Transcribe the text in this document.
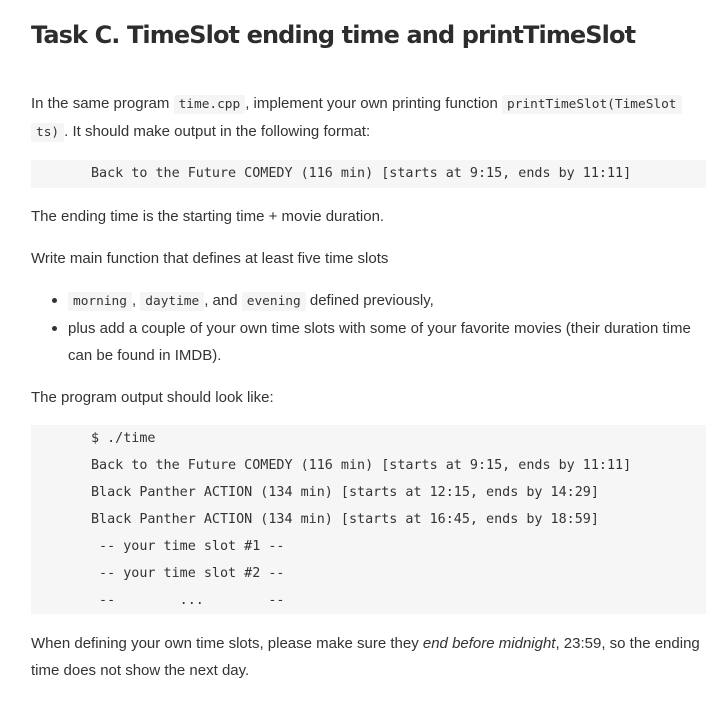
Task C. TimeSlot ending time and printTimeSlot

In the same program time.cpp , implement your own printing function printTimeSlot(TimeSlot
ts) . It should make output in the following format:

Back to the Future COMEDY (116 min) [starts at 9:15, ends by 11:11]

The ending time is the starting time + movie duration.

Write main function that defines at least five time slots

morning , daytime , and evening defined previously,
plus add a couple of your own time slots with some of your favorite movies (their duration time can be found in IMDB).

The program output should look like:

$ ./time
Back to the Future COMEDY (116 min) [starts at 9:15, ends by 11:11]
Black Panther ACTION (134 min) [starts at 12:15, ends by 14:29]
Black Panther ACTION (134 min) [starts at 16:45, ends by 18:59]
-- your time slot #1 --
-- your time slot #2 --
--        ...        --

When defining your own time slots, please make sure they end before midnight, 23:59, so the ending time does not show the next day.
